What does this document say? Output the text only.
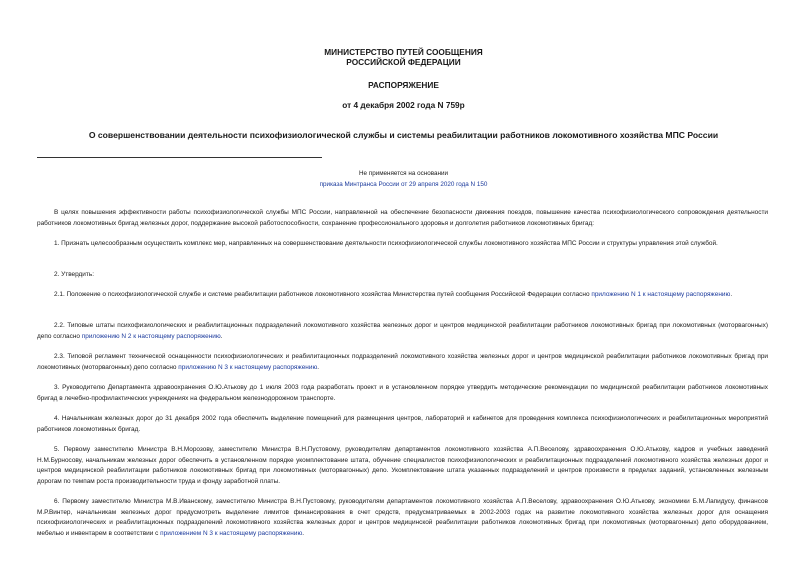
МИНИСТЕРСТВО ПУТЕЙ СООБЩЕНИЯ
РОССИЙСКОЙ ФЕДЕРАЦИИ
РАСПОРЯЖЕНИЕ
от 4 декабря 2002 года N 759р
О совершенствовании деятельности психофизиологической службы и системы реабилитации работников локомотивного хозяйства МПС России
Не применяется на основании
приказа Минтранса России от 29 апреля 2020 года N 150

В целях повышения эффективности работы психофизиологической службы МПС России, направленной на обеспечение безопасности движения поездов, повышение качества психофизиологического сопровождения деятельности работников локомотивных бригад железных дорог, поддержание высокой работоспособности, сохранение профессионального здоровья и долголетия работников локомотивных бригад:

1. Признать целесообразным осуществить комплекс мер, направленных на совершенствование деятельности психофизиологической службы локомотивного хозяйства МПС России и структуры управления этой службой.

2. Утвердить:

2.1. Положение о психофизиологической службе и системе реабилитации работников локомотивного хозяйства Министерства путей сообщения Российской Федерации согласно приложению N 1 к настоящему распоряжению.

2.2. Типовые штаты психофизиологических и реабилитационных подразделений локомотивного хозяйства железных дорог и центров медицинской реабилитации работников локомотивных бригад при локомотивных (моторвагонных) депо согласно приложению N 2 к настоящему распоряжению.

2.3. Типовой регламент технической оснащенности психофизиологических и реабилитационных подразделений локомотивного хозяйства железных дорог и центров медицинской реабилитации работников локомотивных бригад при локомотивных (моторвагонных) депо согласно приложению N 3 к настоящему распоряжению.

3. Руководителю Департамента здравоохранения О.Ю.Атькову до 1 июля 2003 года разработать проект и в установленном порядке утвердить методические рекомендации по медицинской реабилитации работников локомотивных бригад в лечебно-профилактических учреждениях на федеральном железнодорожном транспорте.

4. Начальникам железных дорог до 31 декабря 2002 года обеспечить выделение помещений для размещения центров, лабораторий и кабинетов для проведения комплекса психофизиологических и реабилитационных мероприятий работников локомотивных бригад.

5. Первому заместителю Министра В.Н.Морозову, заместителю Министра В.Н.Пустовому, руководителям департаментов локомотивного хозяйства А.П.Веселову, здравоохранения О.Ю.Атькову, кадров и учебных заведений Н.М.Бурносову, начальникам железных дорог обеспечить в установленном порядке укомплектование штата, обучение специалистов психофизиологических и реабилитационных подразделений локомотивного хозяйства железных дорог и центров медицинской реабилитации работников локомотивных бригад при локомотивных (моторвагонных) депо. Укомплектование штата указанных подразделений и центров произвести в пределах заданий, установленных железным дорогам по темпам роста производительности труда и фонду заработной платы.

6. Первому заместителю Министра М.В.Иванскому, заместителю Министра В.Н.Пустовому, руководителям департаментов локомотивного хозяйства А.П.Веселову, здравоохранения О.Ю.Атькову, экономики Б.М.Лапидусу, финансов М.Р.Винтер, начальникам железных дорог предусмотреть выделение лимитов финансирования в счет средств, предусматриваемых в 2002-2003 годах на развитие локомотивного хозяйства железных дорог для оснащения психофизиологических и реабилитационных подразделений локомотивного хозяйства железных дорог и центров медицинской реабилитации работников локомотивных бригад при локомотивных (моторвагонных) депо оборудованием, мебелью и инвентарем в соответствии с приложением N 3 к настоящему распоряжению.
